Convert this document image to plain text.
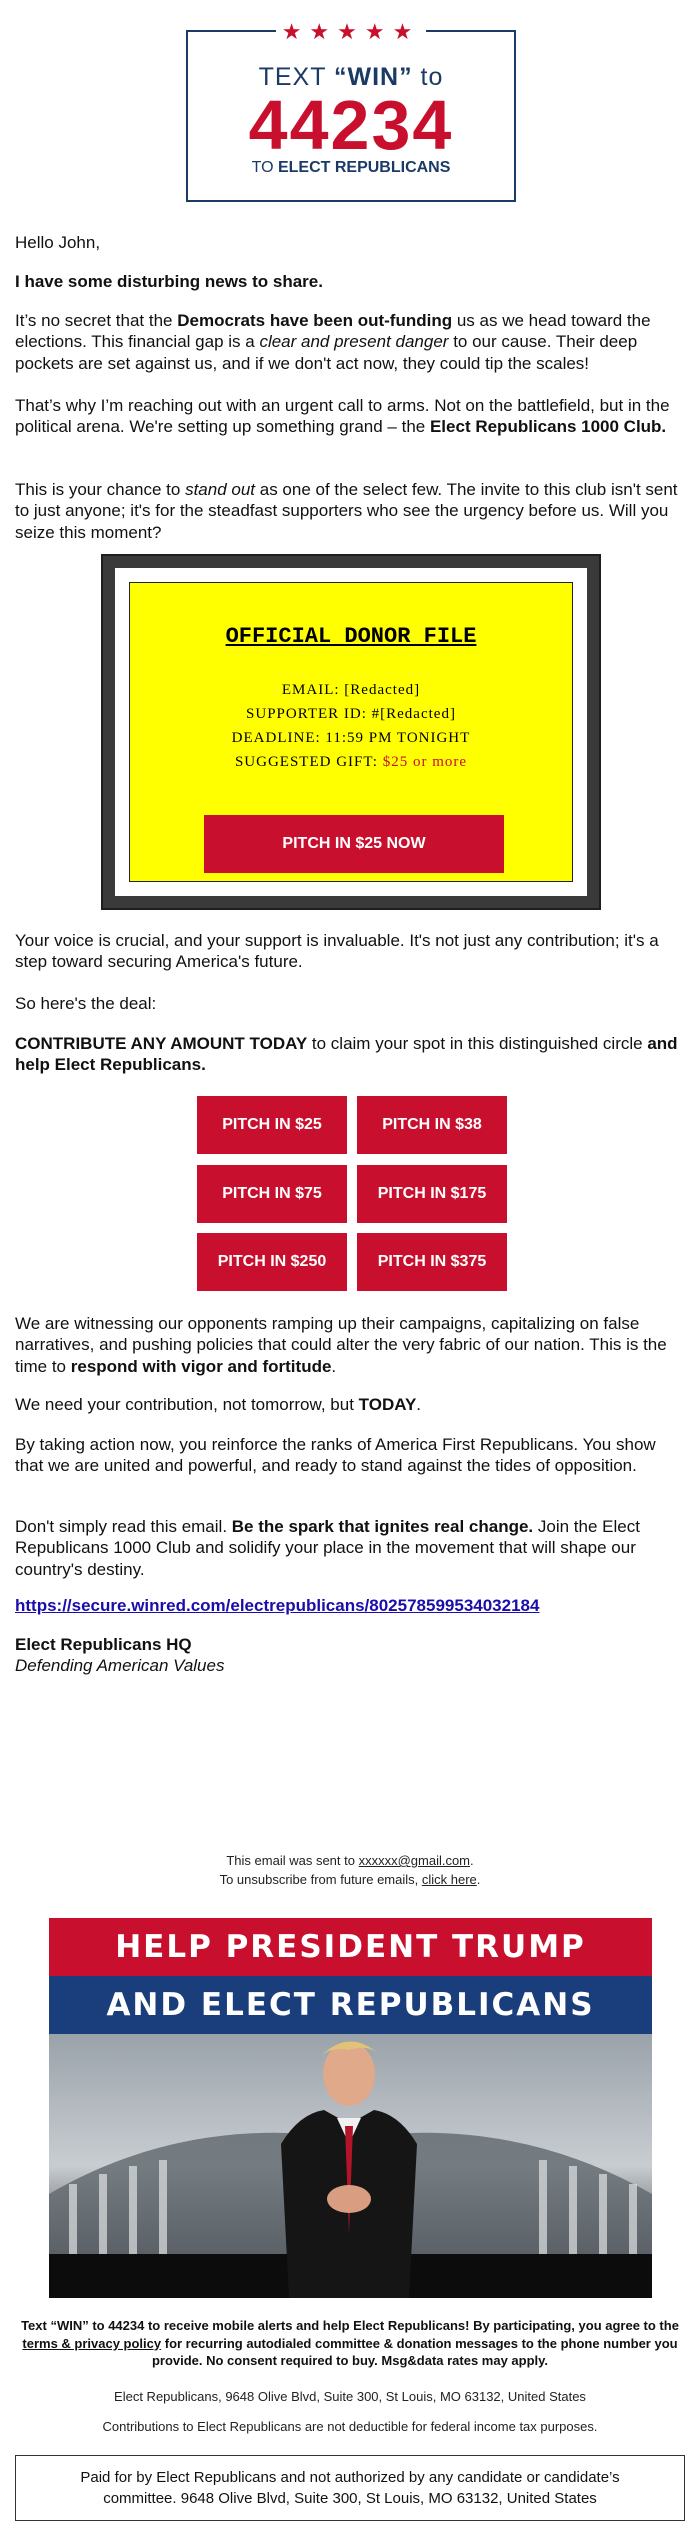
★★★★★
TEXT “WIN” to
44234
TO ELECT REPUBLICANS
Hello John,
I have some disturbing news to share.
It’s no secret that the Democrats have been out-funding us as we head toward the elections. This financial gap is a clear and present danger to our cause. Their deep pockets are set against us, and if we don't act now, they could tip the scales!
That’s why I’m reaching out with an urgent call to arms. Not on the battlefield, but in the political arena. We're setting up something grand – the Elect Republicans 1000 Club.
This is your chance to stand out as one of the select few. The invite to this club isn't sent to just anyone; it's for the steadfast supporters who see the urgency before us. Will you seize this moment?
OFFICIAL DONOR FILE
EMAIL: [Redacted]
SUPPORTER ID: #[Redacted]
DEADLINE: 11:59 PM TONIGHT
SUGGESTED GIFT: $25 or more
PITCH IN $25 NOW
Your voice is crucial, and your support is invaluable. It's not just any contribution; it's a step toward securing America's future.
So here's the deal:
CONTRIBUTE ANY AMOUNT TODAY to claim your spot in this distinguished circle and help Elect Republicans.
PITCH IN $25	PITCH IN $38
PITCH IN $75	PITCH IN $175
PITCH IN $250	PITCH IN $375
We are witnessing our opponents ramping up their campaigns, capitalizing on false narratives, and pushing policies that could alter the very fabric of our nation. This is the time to respond with vigor and fortitude.
We need your contribution, not tomorrow, but TODAY.
By taking action now, you reinforce the ranks of America First Republicans. You show that we are united and powerful, and ready to stand against the tides of opposition.
Don't simply read this email. Be the spark that ignites real change. Join the Elect Republicans 1000 Club and solidify your place in the movement that will shape our country's destiny.
https://secure.winred.com/electrepublicans/802578599534032184
Elect Republicans HQ
Defending American Values
This email was sent to xxxxxx@gmail.com.
To unsubscribe from future emails, click here.
HELP PRESIDENT TRUMP
AND ELECT REPUBLICANS
Text “WIN” to 44234 to receive mobile alerts and help Elect Republicans! By participating, you agree to the terms & privacy policy for recurring autodialed committee & donation messages to the phone number you provide. No consent required to buy. Msg&data rates may apply.
Elect Republicans, 9648 Olive Blvd, Suite 300, St Louis, MO 63132, United States
Contributions to Elect Republicans are not deductible for federal income tax purposes.
Paid for by Elect Republicans and not authorized by any candidate or candidate’s
committee. 9648 Olive Blvd, Suite 300, St Louis, MO 63132, United States
